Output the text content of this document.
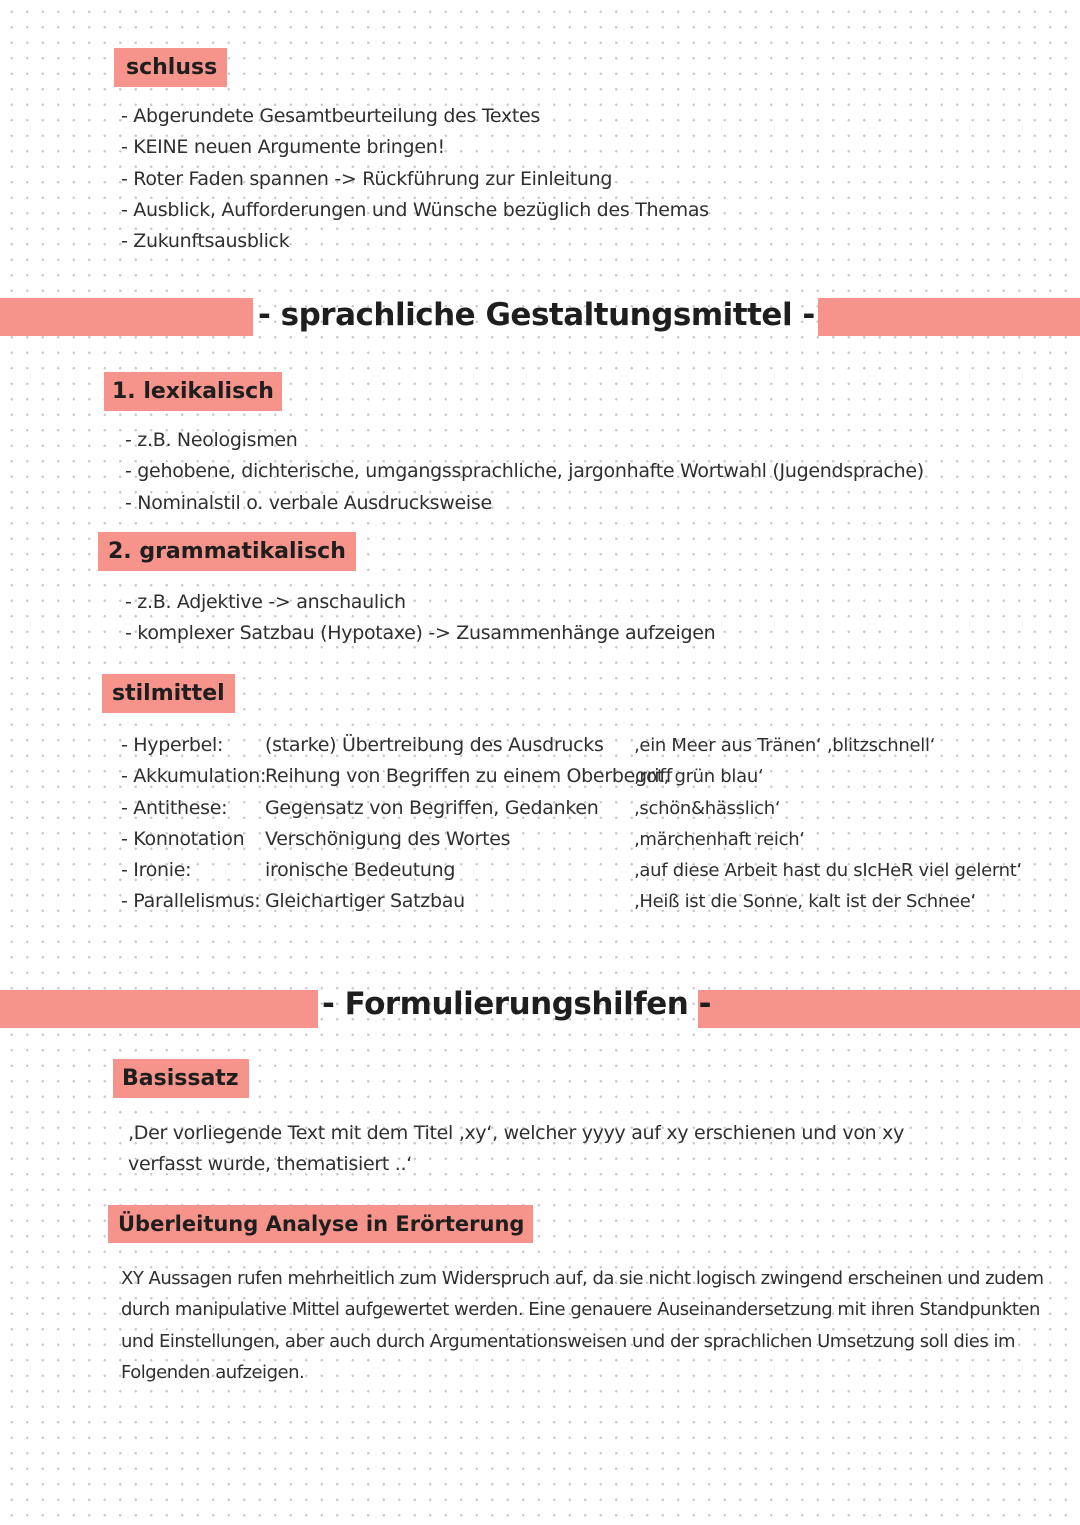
schluss
- Abgerundete Gesamtbeurteilung des Textes
- KEINE neuen Argumente bringen!
- Roter Faden spannen -> Rückführung zur Einleitung
- Ausblick, Aufforderungen und Wünsche bezüglich des Themas
- Zukunftsausblick
- sprachliche Gestaltungsmittel -
1. lexikalisch
- z.B. Neologismen
- gehobene, dichterische, umgangssprachliche, jargonhafte Wortwahl (Jugendsprache)
- Nominalstil o. verbale Ausdrucksweise
2. grammatikalisch
- z.B. Adjektive -> anschaulich
- komplexer Satzbau (Hypotaxe) -> Zusammenhänge aufzeigen
stilmittel
- Hyperbel:
- Akkumulation:
- Antithese:
- Konnotation
- Ironie:
- Parallelismus:
(starke) Übertreibung des Ausdrucks
Reihung von Begriffen zu einem Oberbegriff
Gegensatz von Begriffen, Gedanken
Verschönigung des Wortes
ironische Bedeutung
Gleichartiger Satzbau
‚ein Meer aus Tränen‘ ‚blitzschnell‘
‚rot, grün blau‘
‚schön&hässlich‘
‚märchenhaft reich‘
‚auf diese Arbeit hast du sIcHeR viel gelernt‘
‚Heiß ist die Sonne, kalt ist der Schnee‘
- Formulierungshilfen -
Basissatz
‚Der vorliegende Text mit dem Titel ‚xy‘, welcher yyyy auf xy erschienen und von xy
verfasst wurde, thematisiert ..‘
Überleitung Analyse in Erörterung
XY Aussagen rufen mehrheitlich zum Widerspruch auf, da sie nicht logisch zwingend erscheinen und zudem
durch manipulative Mittel aufgewertet werden. Eine genauere Auseinandersetzung mit ihren Standpunkten
und Einstellungen, aber auch durch Argumentationsweisen und der sprachlichen Umsetzung soll dies im
Folgenden aufzeigen.
